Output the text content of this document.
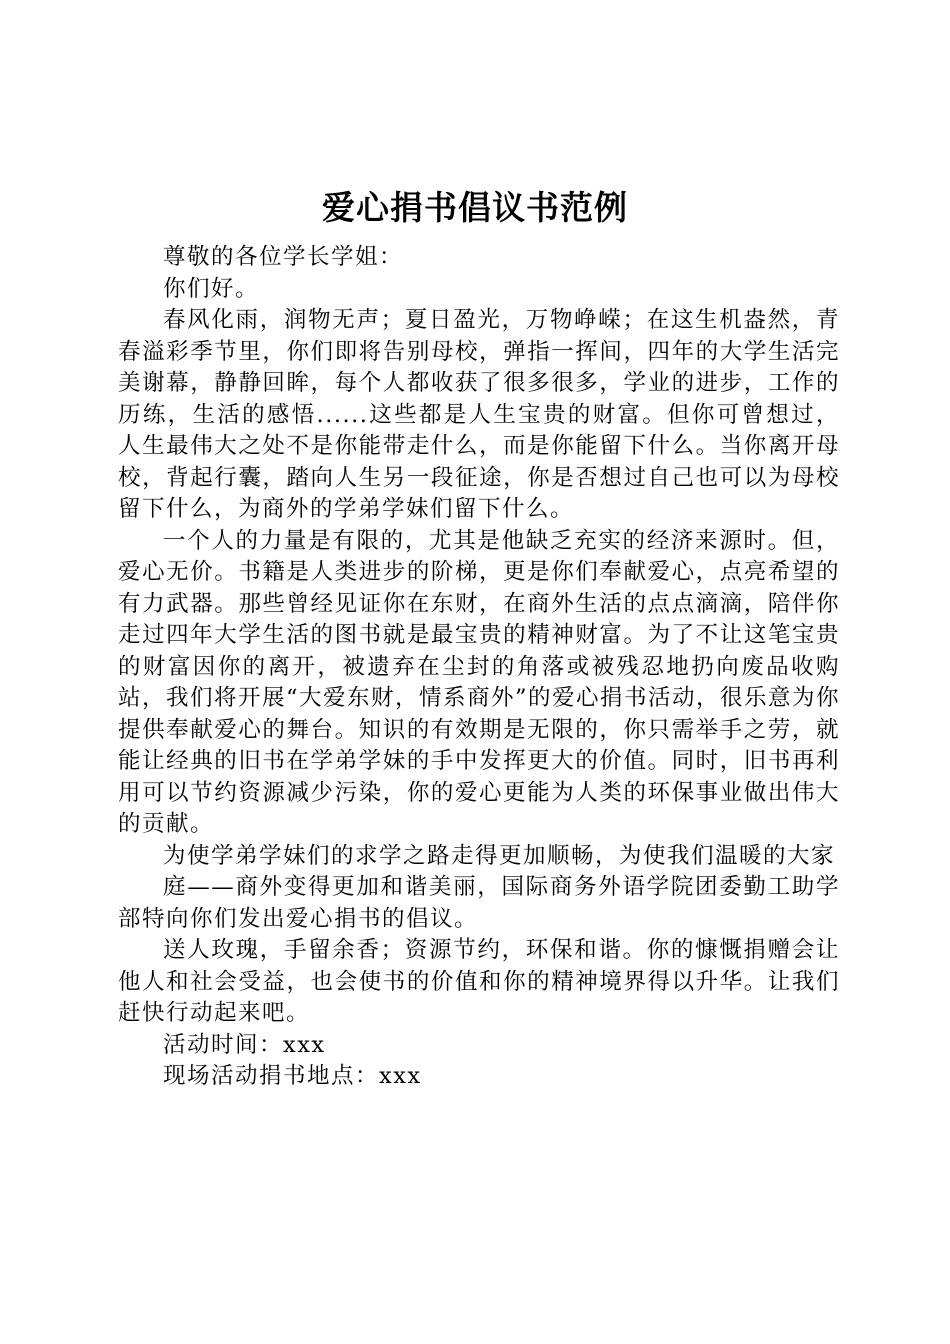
爱心捐书倡议书范例

尊敬的各位学长学姐：

你们好。

春风化雨，润物无声；夏日盈光，万物峥嵘；在这生机盎然，青春溢彩季节里，你们即将告别母校，弹指一挥间，四年的大学生活完美谢幕，静静回眸，每个人都收获了很多很多，学业的进步，工作的历练，生活的感悟......这些都是人生宝贵的财富。但你可曾想过，人生最伟大之处不是你能带走什么，而是你能留下什么。当你离开母校，背起行囊，踏向人生另一段征途，你是否想过自己也可以为母校留下什么，为商外的学弟学妹们留下什么。

一个人的力量是有限的，尤其是他缺乏充实的经济来源时。但，爱心无价。书籍是人类进步的阶梯，更是你们奉献爱心，点亮希望的有力武器。那些曾经见证你在东财，在商外生活的点点滴滴，陪伴你走过四年大学生活的图书就是最宝贵的精神财富。为了不让这笔宝贵的财富因你的离开，被遗弃在尘封的角落或被残忍地扔向废品收购站，我们将开展“大爱东财，情系商外”的爱心捐书活动，很乐意为你提供奉献爱心的舞台。知识的有效期是无限的，你只需举手之劳，就能让经典的旧书在学弟学妹的手中发挥更大的价值。同时，旧书再利用可以节约资源减少污染，你的爱心更能为人类的环保事业做出伟大的贡献。

为使学弟学妹们的求学之路走得更加顺畅，为使我们温暖的大家

庭——商外变得更加和谐美丽，国际商务外语学院团委勤工助学部特向你们发出爱心捐书的倡议。

送人玫瑰，手留余香；资源节约，环保和谐。你的慷慨捐赠会让他人和社会受益，也会使书的价值和你的精神境界得以升华。让我们赶快行动起来吧。

活动时间：xxx

现场活动捐书地点：xxx
